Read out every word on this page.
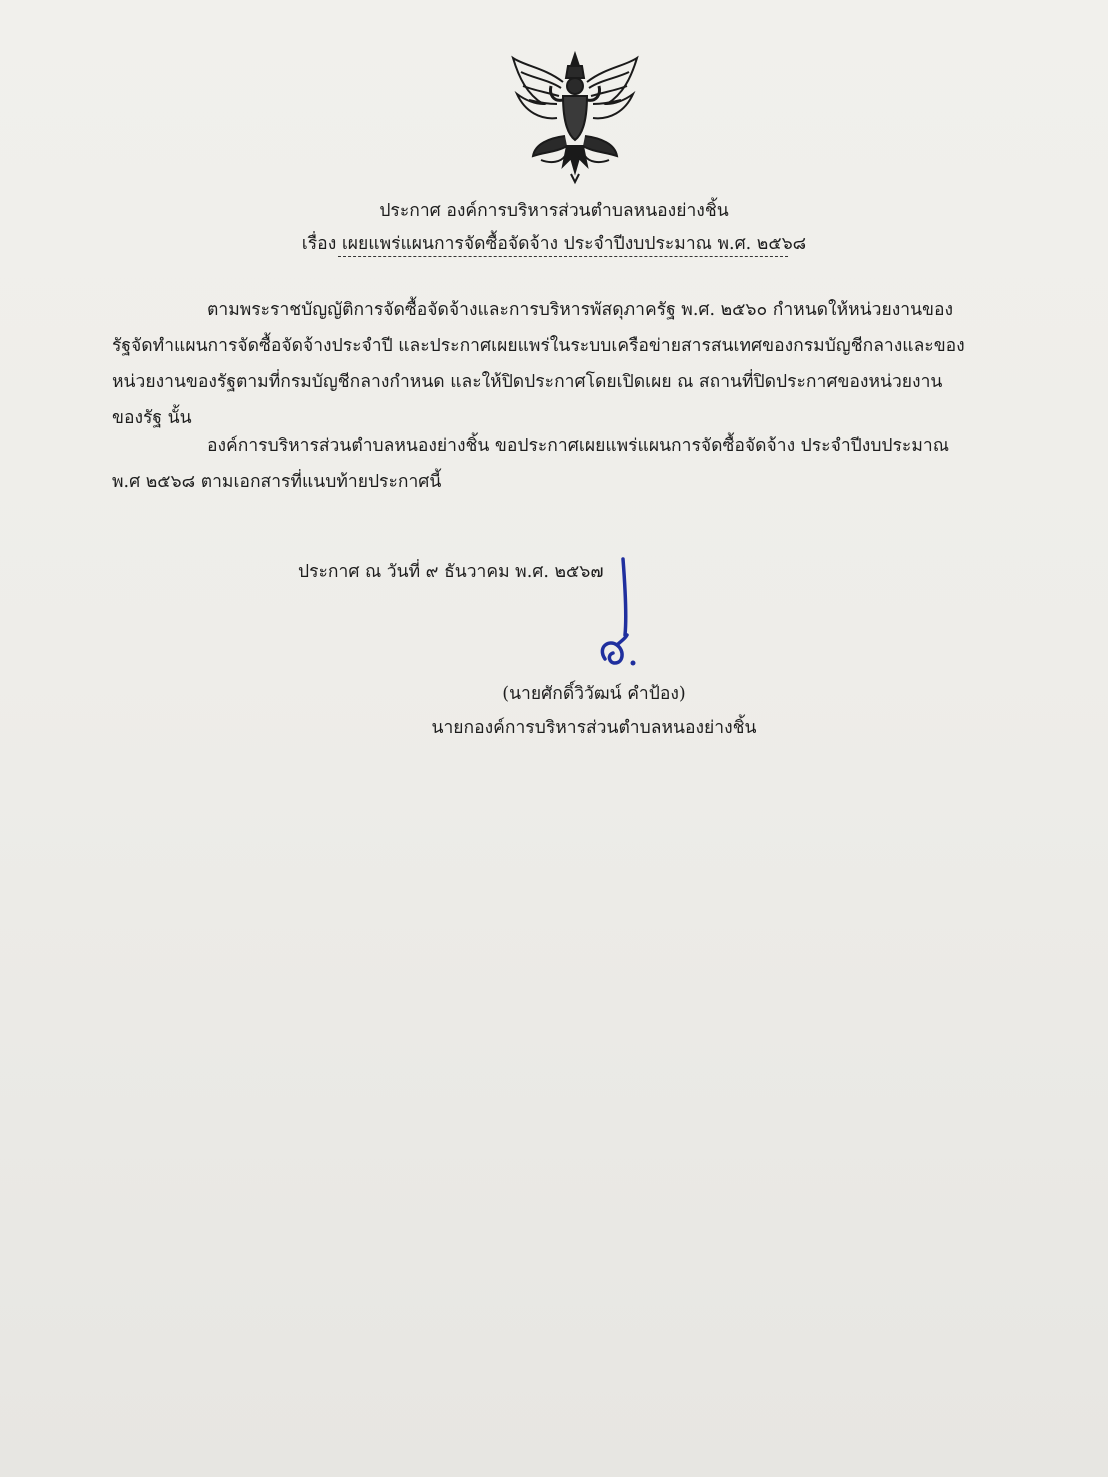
ประกาศ องค์การบริหารส่วนตำบลหนองย่างชิ้น
เรื่อง เผยแพร่แผนการจัดซื้อจัดจ้าง ประจำปีงบประมาณ พ.ศ. ๒๕๖๘
ตามพระราชบัญญัติการจัดซื้อจัดจ้างและการบริหารพัสดุภาครัฐ พ.ศ. ๒๕๖๐ กำหนดให้หน่วยงานของ
รัฐจัดทำแผนการจัดซื้อจัดจ้างประจำปี และประกาศเผยแพร่ในระบบเครือข่ายสารสนเทศของกรมบัญชีกลางและของ
หน่วยงานของรัฐตามที่กรมบัญชีกลางกำหนด และให้ปิดประกาศโดยเปิดเผย ณ สถานที่ปิดประกาศของหน่วยงาน
ของรัฐ นั้น
องค์การบริหารส่วนตำบลหนองย่างชิ้น ขอประกาศเผยแพร่แผนการจัดซื้อจัดจ้าง ประจำปีงบประมาณ
พ.ศ ๒๕๖๘ ตามเอกสารที่แนบท้ายประกาศนี้
ประกาศ ณ วันที่ ๙ ธันวาคม พ.ศ. ๒๕๖๗
(นายศักดิ์วิวัฒน์ คำป้อง)
นายกองค์การบริหารส่วนตำบลหนองย่างชิ้น
